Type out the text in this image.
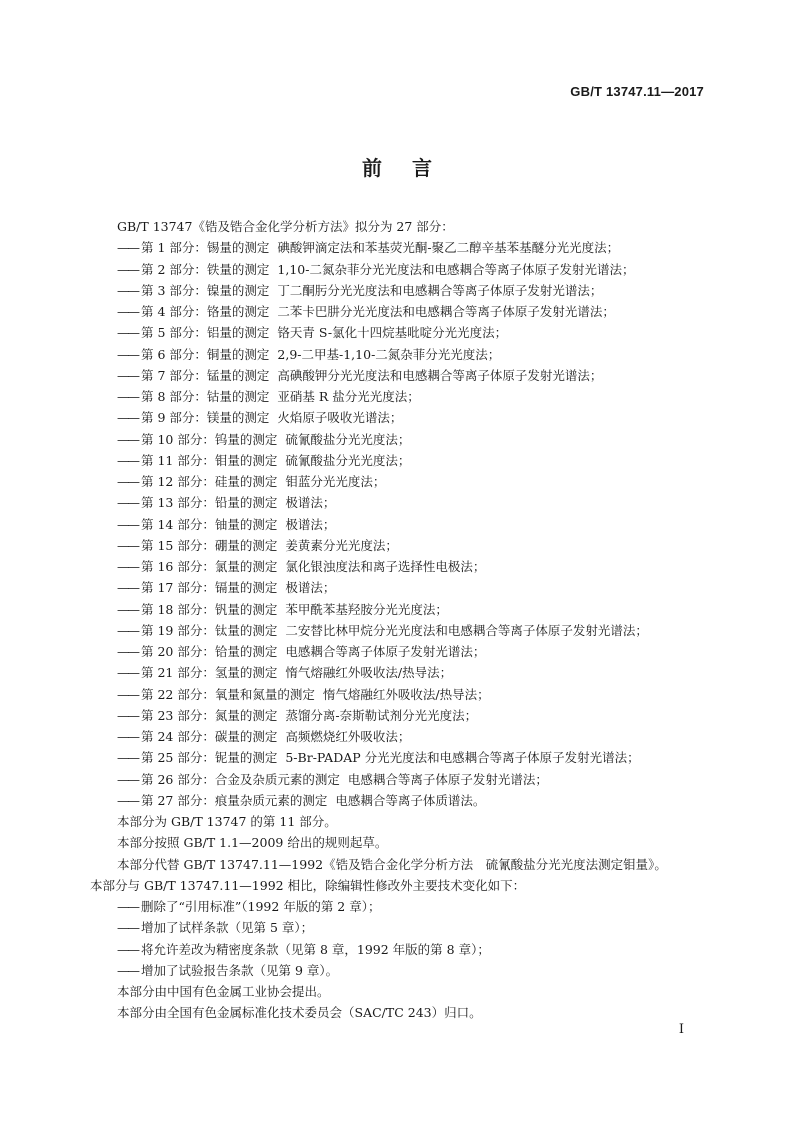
GB/T 13747.11—2017
前言
GB/T 13747《锆及锆合金化学分析方法》拟分为 27 部分：
—— 第 1 部分：锡量的测定 碘酸钾滴定法和苯基荧光酮-聚乙二醇辛基苯基醚分光光度法；
—— 第 2 部分：铁量的测定 1,10-二氮杂菲分光光度法和电感耦合等离子体原子发射光谱法；
—— 第 3 部分：镍量的测定 丁二酮肟分光光度法和电感耦合等离子体原子发射光谱法；
—— 第 4 部分：铬量的测定 二苯卡巴肼分光光度法和电感耦合等离子体原子发射光谱法；
—— 第 5 部分：铝量的测定 铬天青 S-氯化十四烷基吡啶分光光度法；
—— 第 6 部分：铜量的测定 2,9-二甲基-1,10-二氮杂菲分光光度法；
—— 第 7 部分：锰量的测定 高碘酸钾分光光度法和电感耦合等离子体原子发射光谱法；
—— 第 8 部分：钴量的测定 亚硝基 R 盐分光光度法；
—— 第 9 部分：镁量的测定 火焰原子吸收光谱法；
—— 第 10 部分：钨量的测定 硫氰酸盐分光光度法；
—— 第 11 部分：钼量的测定 硫氰酸盐分光光度法；
—— 第 12 部分：硅量的测定 钼蓝分光光度法；
—— 第 13 部分：铅量的测定 极谱法；
—— 第 14 部分：铀量的测定 极谱法；
—— 第 15 部分：硼量的测定 姜黄素分光光度法；
—— 第 16 部分：氯量的测定 氯化银浊度法和离子选择性电极法；
—— 第 17 部分：镉量的测定 极谱法；
—— 第 18 部分：钒量的测定 苯甲酰苯基羟胺分光光度法；
—— 第 19 部分：钛量的测定 二安替比林甲烷分光光度法和电感耦合等离子体原子发射光谱法；
—— 第 20 部分：铪量的测定 电感耦合等离子体原子发射光谱法；
—— 第 21 部分：氢量的测定 惰气熔融红外吸收法/热导法；
—— 第 22 部分：氧量和氮量的测定 惰气熔融红外吸收法/热导法；
—— 第 23 部分：氮量的测定 蒸馏分离-奈斯勒试剂分光光度法；
—— 第 24 部分：碳量的测定 高频燃烧红外吸收法；
—— 第 25 部分：铌量的测定 5-Br-PADAP 分光光度法和电感耦合等离子体原子发射光谱法；
—— 第 26 部分：合金及杂质元素的测定 电感耦合等离子体原子发射光谱法；
—— 第 27 部分：痕量杂质元素的测定 电感耦合等离子体质谱法。
本部分为 GB/T 13747 的第 11 部分。
本部分按照 GB/T 1.1—2009 给出的规则起草。
本部分代替 GB/T 13747.11—1992《锆及锆合金化学分析方法　硫氰酸盐分光光度法测定钼量》。
本部分与 GB/T 13747.11—1992 相比，除编辑性修改外主要技术变化如下：
—— 删除了“引用标准”（1992 年版的第 2 章）；
—— 增加了试样条款（见第 5 章）；
—— 将允许差改为精密度条款（见第 8 章，1992 年版的第 8 章）；
—— 增加了试验报告条款（见第 9 章）。
本部分由中国有色金属工业协会提出。
本部分由全国有色金属标准化技术委员会（SAC/TC 243）归口。
I
